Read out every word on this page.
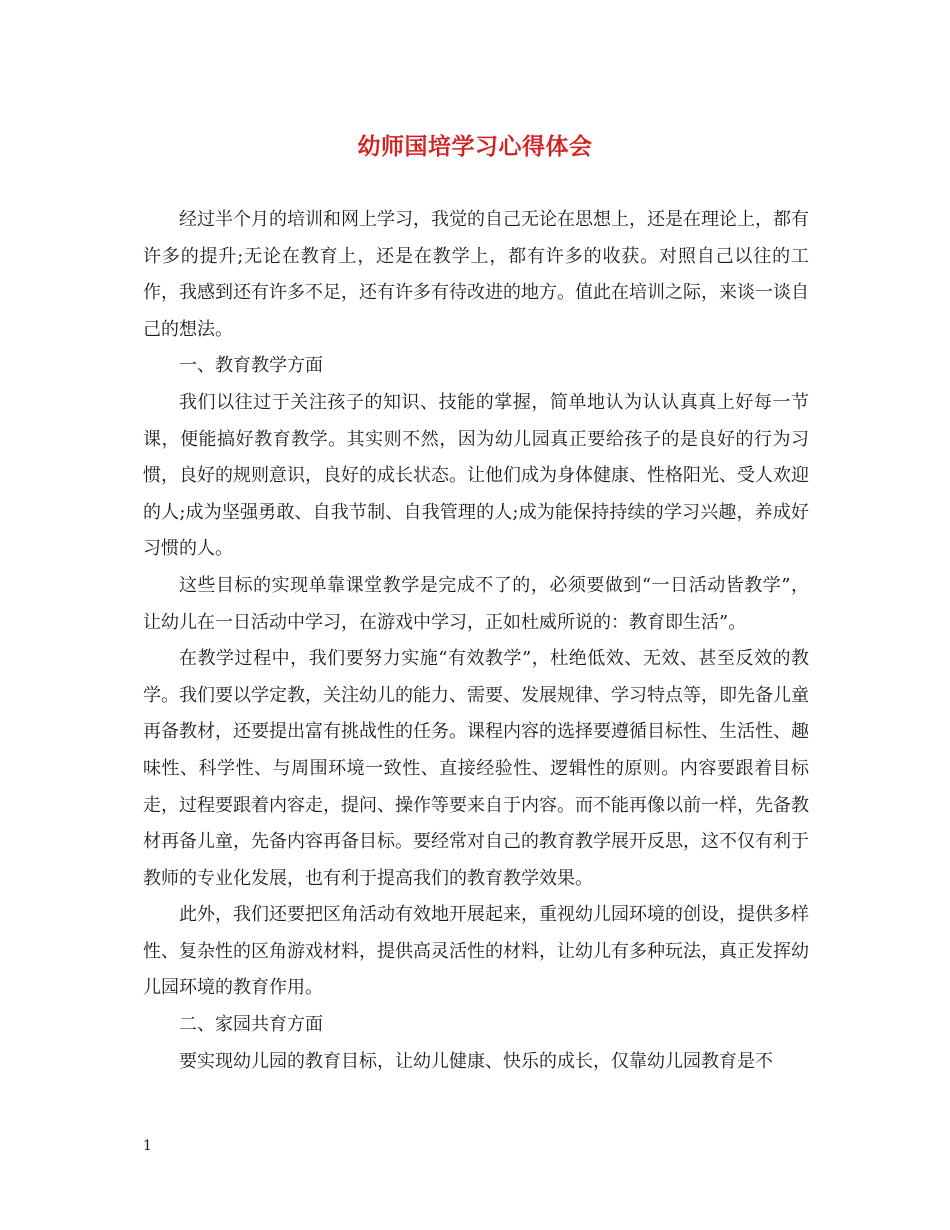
幼师国培学习心得体会

经过半个月的培训和网上学习，我觉的自己无论在思想上，还是在理论上，都有许多的提升;无论在教育上，还是在教学上，都有许多的收获。对照自己以往的工作，我感到还有许多不足，还有许多有待改进的地方。值此在培训之际，来谈一谈自己的想法。

一、教育教学方面

我们以往过于关注孩子的知识、技能的掌握，简单地认为认认真真上好每一节课，便能搞好教育教学。其实则不然，因为幼儿园真正要给孩子的是良好的行为习惯，良好的规则意识，良好的成长状态。让他们成为身体健康、性格阳光、受人欢迎的人;成为坚强勇敢、自我节制、自我管理的人;成为能保持持续的学习兴趣，养成好习惯的人。

这些目标的实现单靠课堂教学是完成不了的，必须要做到“一日活动皆教学”，让幼儿在一日活动中学习，在游戏中学习，正如杜威所说的：教育即生活”。

在教学过程中，我们要努力实施“有效教学”，杜绝低效、无效、甚至反效的教学。我们要以学定教，关注幼儿的能力、需要、发展规律、学习特点等，即先备儿童再备教材，还要提出富有挑战性的任务。课程内容的选择要遵循目标性、生活性、趣味性、科学性、与周围环境一致性、直接经验性、逻辑性的原则。内容要跟着目标走，过程要跟着内容走，提问、操作等要来自于内容。而不能再像以前一样，先备教材再备儿童，先备内容再备目标。要经常对自己的教育教学展开反思，这不仅有利于教师的专业化发展，也有利于提高我们的教育教学效果。

此外，我们还要把区角活动有效地开展起来，重视幼儿园环境的创设，提供多样性、复杂性的区角游戏材料，提供高灵活性的材料，让幼儿有多种玩法，真正发挥幼儿园环境的教育作用。

二、家园共育方面

要实现幼儿园的教育目标，让幼儿健康、快乐的成长，仅靠幼儿园教育是不

1
